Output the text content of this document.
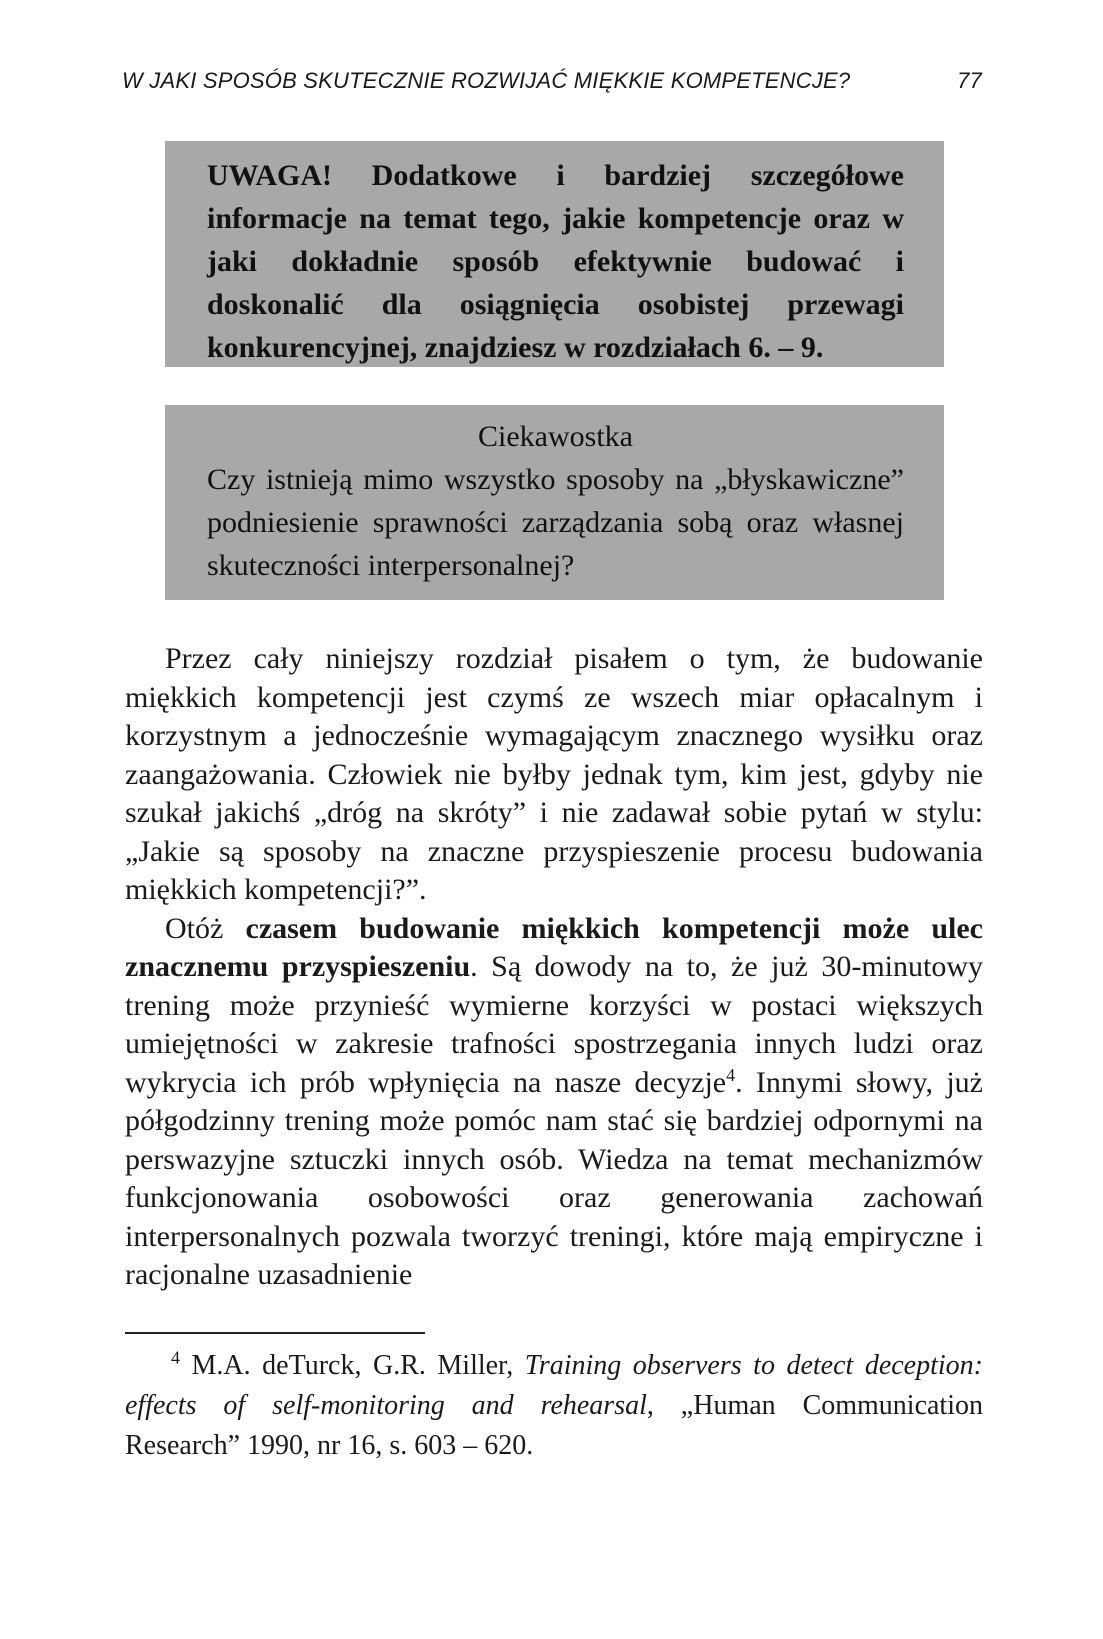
W JAKI SPOSÓB SKUTECZNIE ROZWIJAĆ MIĘKKIE KOMPETENCJE?	77

UWAGA! Dodatkowe i bardziej szczegółowe informacje na temat tego, jakie kompetencje oraz w jaki dokładnie sposób efektywnie budować i doskonalić dla osiągnięcia osobistej przewagi konkurencyjnej, znajdziesz w rozdziałach 6. – 9.

Ciekawostka

Czy istnieją mimo wszystko sposoby na „błyskawiczne” podniesienie sprawności zarządzania sobą oraz własnej skuteczności interpersonalnej?

Przez cały niniejszy rozdział pisałem o tym, że budowanie miękkich kompetencji jest czymś ze wszech miar opłacalnym i korzystnym a jednocześnie wymagającym znacznego wysiłku oraz zaangażowania. Człowiek nie byłby jednak tym, kim jest, gdyby nie szukał jakichś „dróg na skróty” i nie zadawał sobie pytań w stylu: „Jakie są sposoby na znaczne przyspieszenie procesu budowania miękkich kompetencji?”.

Otóż czasem budowanie miękkich kompetencji może ulec znacznemu przyspieszeniu. Są dowody na to, że już 30-minutowy trening może przynieść wymierne korzyści w postaci większych umiejętności w zakresie trafności spostrzegania innych ludzi oraz wykrycia ich prób wpłynięcia na nasze decyzje$^4$. Innymi słowy, już półgodzinny trening może pomóc nam stać się bardziej odpornymi na perswazyjne sztuczki innych osób. Wiedza na temat mechanizmów funkcjonowania osobowości oraz generowania zachowań interpersonalnych pozwala tworzyć treningi, które mają empiryczne i racjonalne uzasadnienie

$^4$ M.A. deTurck, G.R. Miller, Training observers to detect deception: effects of self-monitoring and rehearsal, „Human Communication Research” 1990, nr 16, s. 603 – 620.
